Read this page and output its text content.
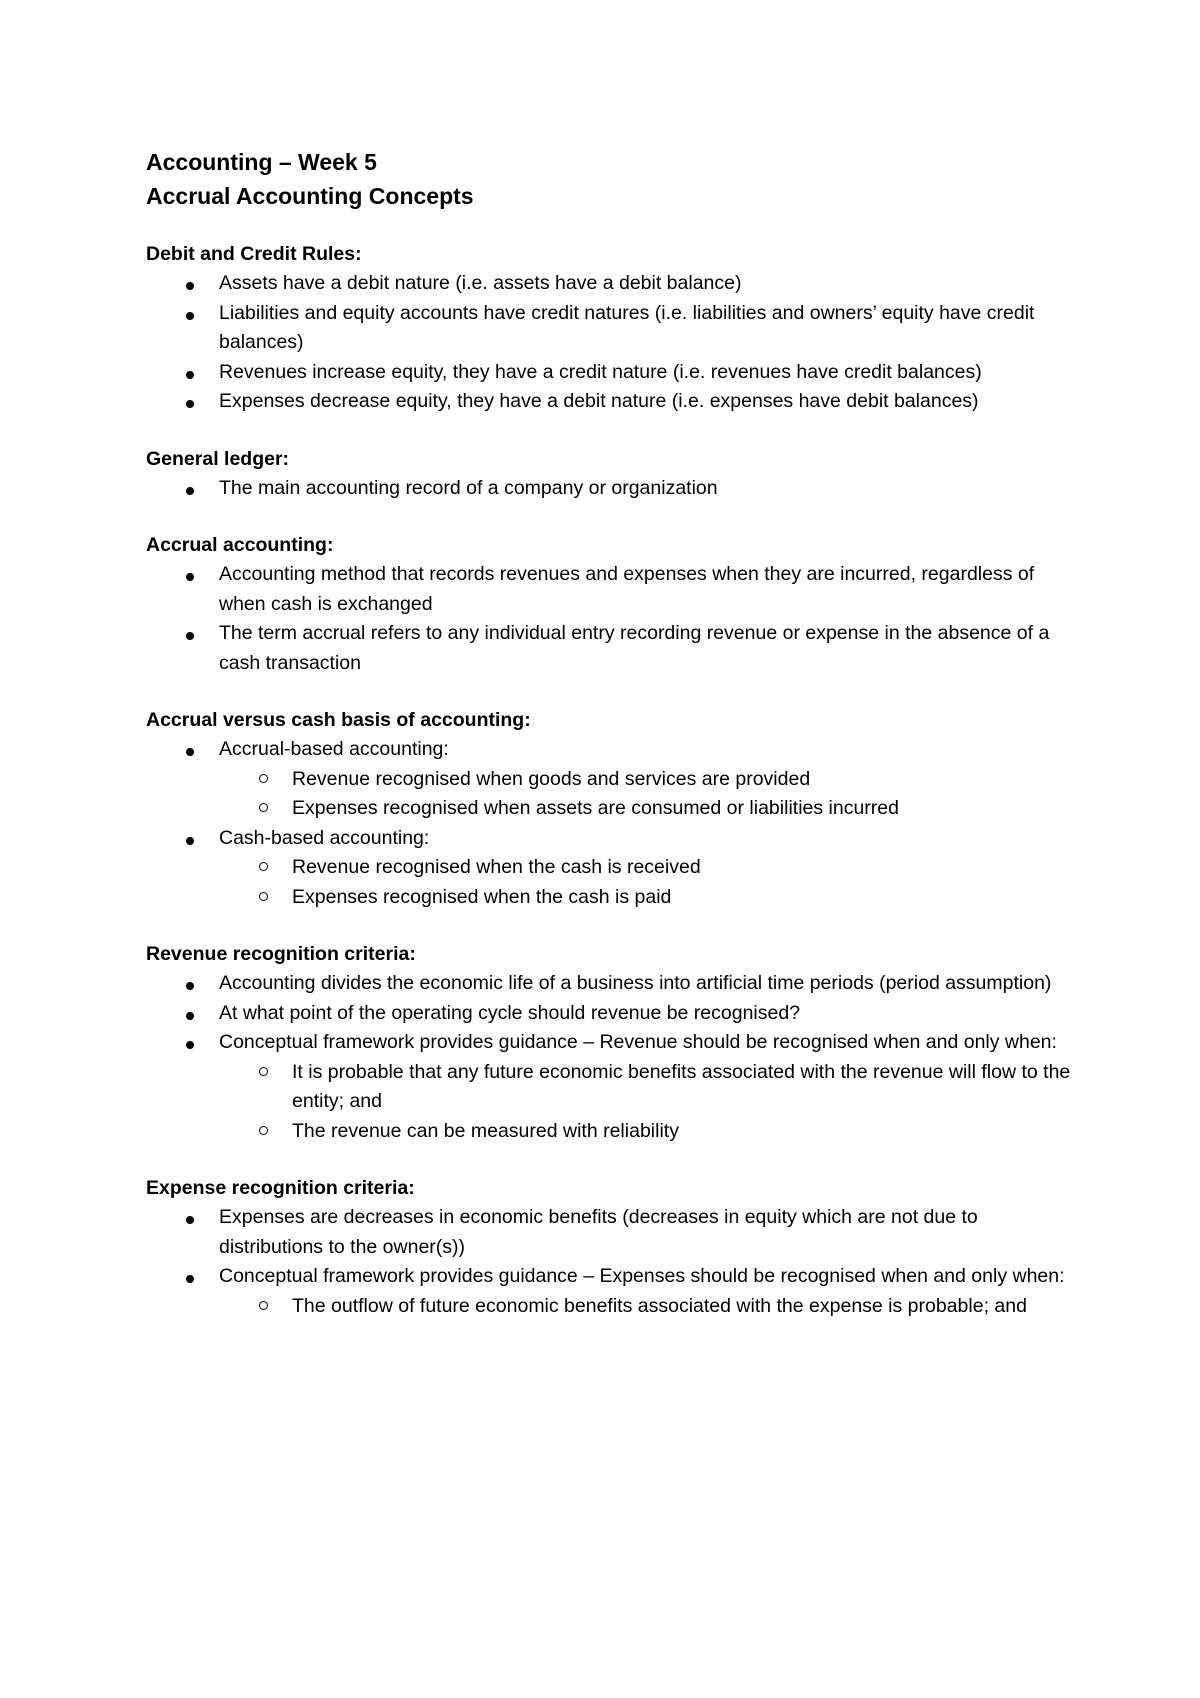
Accounting – Week 5
Accrual Accounting Concepts
Debit and Credit Rules:
Assets have a debit nature (i.e. assets have a debit balance)
Liabilities and equity accounts have credit natures (i.e. liabilities and owners’ equity have credit balances)
Revenues increase equity, they have a credit nature (i.e. revenues have credit balances)
Expenses decrease equity, they have a debit nature (i.e. expenses have debit balances)
General ledger:
The main accounting record of a company or organization
Accrual accounting:
Accounting method that records revenues and expenses when they are incurred, regardless of when cash is exchanged
The term accrual refers to any individual entry recording revenue or expense in the absence of a cash transaction
Accrual versus cash basis of accounting:
Accrual-based accounting:
Revenue recognised when goods and services are provided
Expenses recognised when assets are consumed or liabilities incurred
Cash-based accounting:
Revenue recognised when the cash is received
Expenses recognised when the cash is paid
Revenue recognition criteria:
Accounting divides the economic life of a business into artificial time periods (period assumption)
At what point of the operating cycle should revenue be recognised?
Conceptual framework provides guidance – Revenue should be recognised when and only when:
It is probable that any future economic benefits associated with the revenue will flow to the entity; and
The revenue can be measured with reliability
Expense recognition criteria:
Expenses are decreases in economic benefits (decreases in equity which are not due to distributions to the owner(s))
Conceptual framework provides guidance – Expenses should be recognised when and only when:
The outflow of future economic benefits associated with the expense is probable; and
